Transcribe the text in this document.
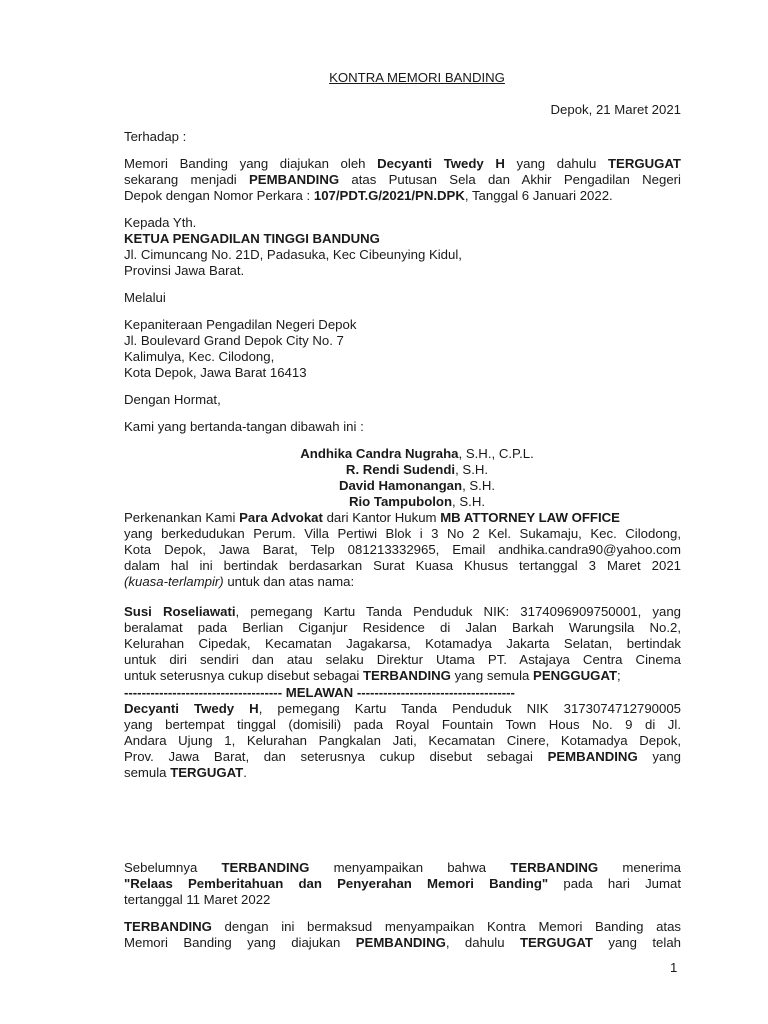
KONTRA MEMORI BANDING
Depok, 21 Maret 2021
Terhadap :
Memori Banding yang diajukan oleh Decyanti Twedy H yang dahulu TERGUGAT
sekarang menjadi PEMBANDING atas Putusan Sela dan Akhir Pengadilan Negeri
Depok dengan Nomor Perkara : 107/PDT.G/2021/PN.DPK, Tanggal 6 Januari 2022.
Kepada Yth.
KETUA PENGADILAN TINGGI BANDUNG
Jl. Cimuncang No. 21D, Padasuka, Kec Cibeunying Kidul,
Provinsi Jawa Barat.
Melalui
Kepaniteraan Pengadilan Negeri Depok
Jl. Boulevard Grand Depok City No. 7
Kalimulya, Kec. Cilodong,
Kota Depok, Jawa Barat 16413
Dengan Hormat,
Kami yang bertanda-tangan dibawah ini :
Andhika Candra Nugraha, S.H., C.P.L.
R. Rendi Sudendi, S.H.
David Hamonangan, S.H.
Rio Tampubolon, S.H.
Perkenankan Kami Para Advokat dari Kantor Hukum MB ATTORNEY LAW OFFICE
yang berkedudukan Perum. Villa Pertiwi Blok i 3 No 2 Kel. Sukamaju, Kec. Cilodong,
Kota Depok, Jawa Barat, Telp 081213332965, Email andhika.candra90@yahoo.com
dalam hal ini bertindak berdasarkan Surat Kuasa Khusus tertanggal 3 Maret 2021
(kuasa-terlampir) untuk dan atas nama:
Susi Roseliawati, pemegang Kartu Tanda Penduduk NIK: 3174096909750001, yang
beralamat pada Berlian Ciganjur Residence di Jalan Barkah Warungsila No.2,
Kelurahan Cipedak, Kecamatan Jagakarsa, Kotamadya Jakarta Selatan, bertindak
untuk diri sendiri dan atau selaku Direktur Utama PT. Astajaya Centra Cinema
untuk seterusnya cukup disebut sebagai TERBANDING yang semula PENGGUGAT;
------------------------------------ MELAWAN ------------------------------------
Decyanti Twedy H, pemegang Kartu Tanda Penduduk NIK 3173074712790005
yang bertempat tinggal (domisili) pada Royal Fountain Town Hous No. 9 di Jl.
Andara Ujung 1, Kelurahan Pangkalan Jati, Kecamatan Cinere, Kotamadya Depok,
Prov. Jawa Barat, dan seterusnya cukup disebut sebagai PEMBANDING yang
semula TERGUGAT.
Sebelumnya TERBANDING menyampaikan bahwa TERBANDING menerima
"Relaas Pemberitahuan dan Penyerahan Memori Banding" pada hari Jumat
tertanggal 11 Maret 2022
TERBANDING dengan ini bermaksud menyampaikan Kontra Memori Banding atas
Memori Banding yang diajukan PEMBANDING, dahulu TERGUGAT yang telah
1
